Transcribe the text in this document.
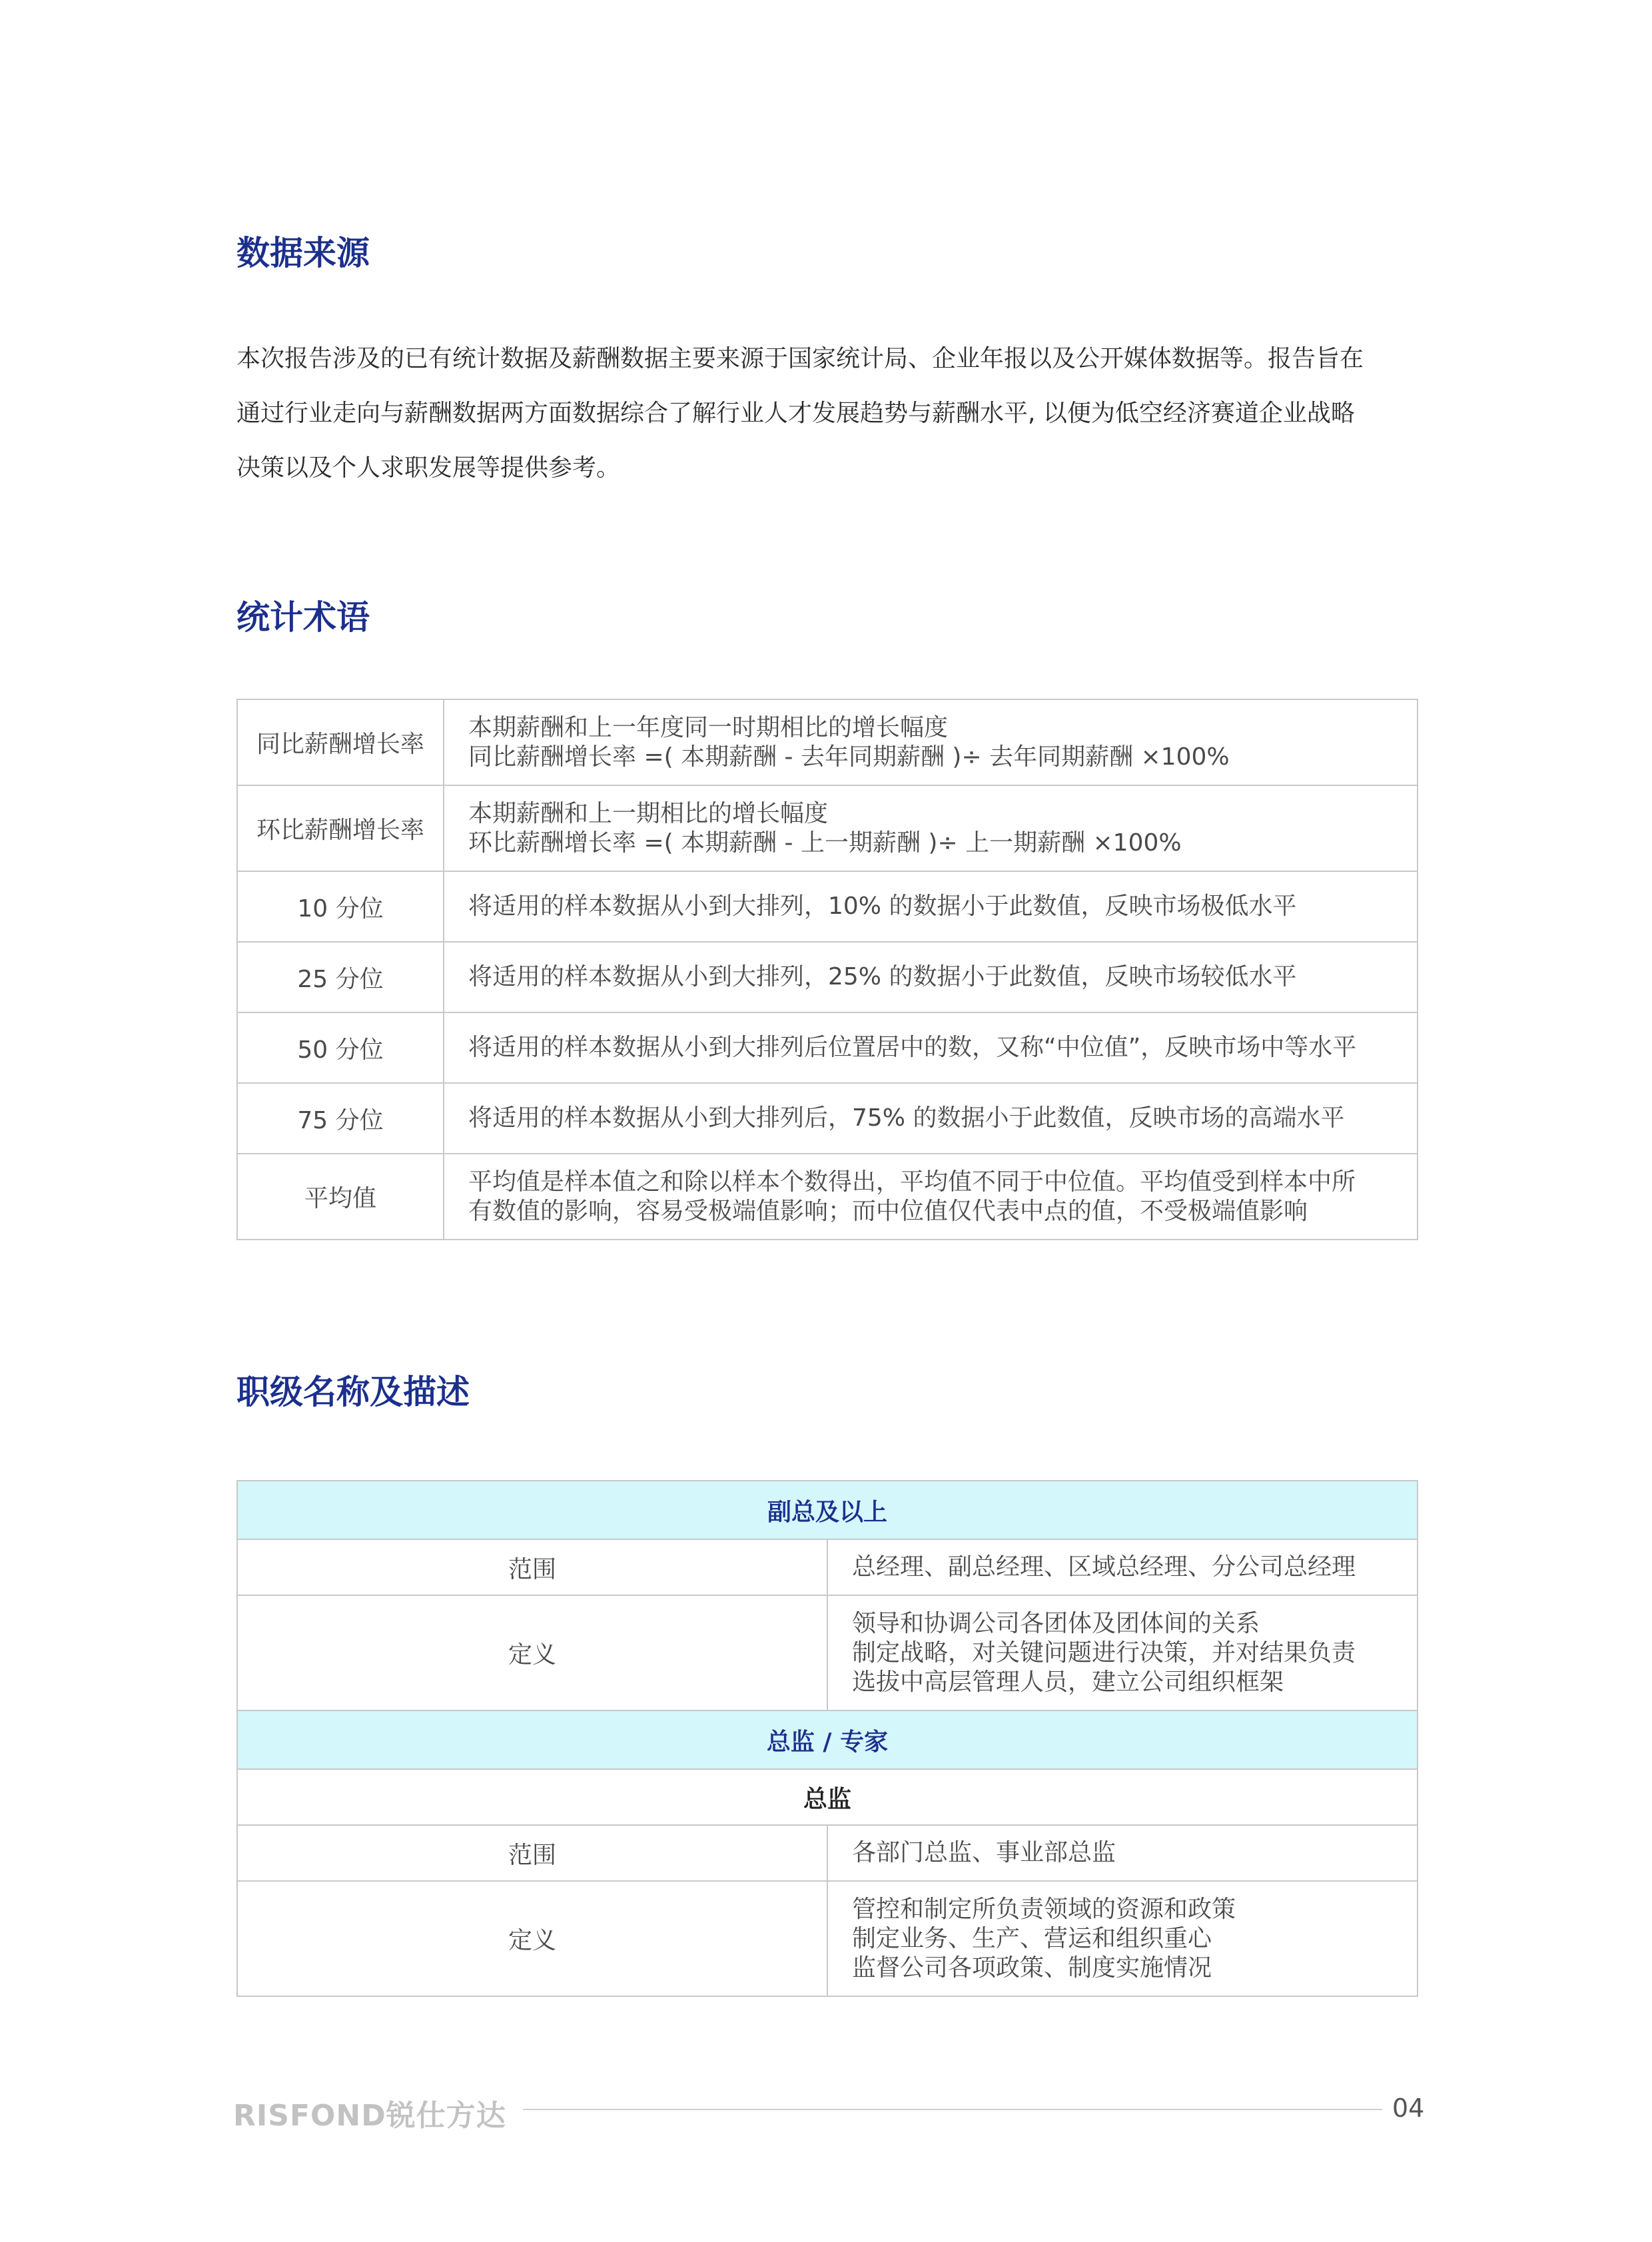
数据来源

本次报告涉及的已有统计数据及薪酬数据主要来源于国家统计局、企业年报以及公开媒体数据等。报告旨在
通过行业走向与薪酬数据两方面数据综合了解行业人才发展趋势与薪酬水平, 以便为低空经济赛道企业战略
决策以及个人求职发展等提供参考。

统计术语
同比薪酬增长率	本期薪酬和上一年度同一时期相比的增长幅度
同比薪酬增长率 =( 本期薪酬 - 去年同期薪酬 )÷ 去年同期薪酬 ×100%

环比薪酬增长率	本期薪酬和上一期相比的增长幅度
环比薪酬增长率 =( 本期薪酬 - 上一期薪酬 )÷ 上一期薪酬 ×100%

10 分位	将适用的样本数据从小到大排列，10% 的数据小于此数值，反映市场极低水平

25 分位	将适用的样本数据从小到大排列，25% 的数据小于此数值，反映市场较低水平

50 分位	将适用的样本数据从小到大排列后位置居中的数，又称“中位值”，反映市场中等水平

75 分位	将适用的样本数据从小到大排列后，75% 的数据小于此数值，反映市场的高端水平

平均值	平均值是样本值之和除以样本个数得出，平均值不同于中位值。平均值受到样本中所
有数值的影响，容易受极端值影响；而中位值仅代表中点的值，不受极端值影响
职级名称及描述
副总及以上	
范围	总经理、副总经理、区域总经理、分公司总经理
定义	领导和协调公司各团体及团体间的关系
制定战略，对关键问题进行决策，并对结果负责
选拔中高层管理人员，建立公司组织框架

总监 / 专家	
总监	
范围	各部门总监、事业部总监
定义	管控和制定所负责领域的资源和政策
制定业务、生产、营运和组织重心
监督公司各项政策、制度实施情况
RISFOND锐仕方达	04
